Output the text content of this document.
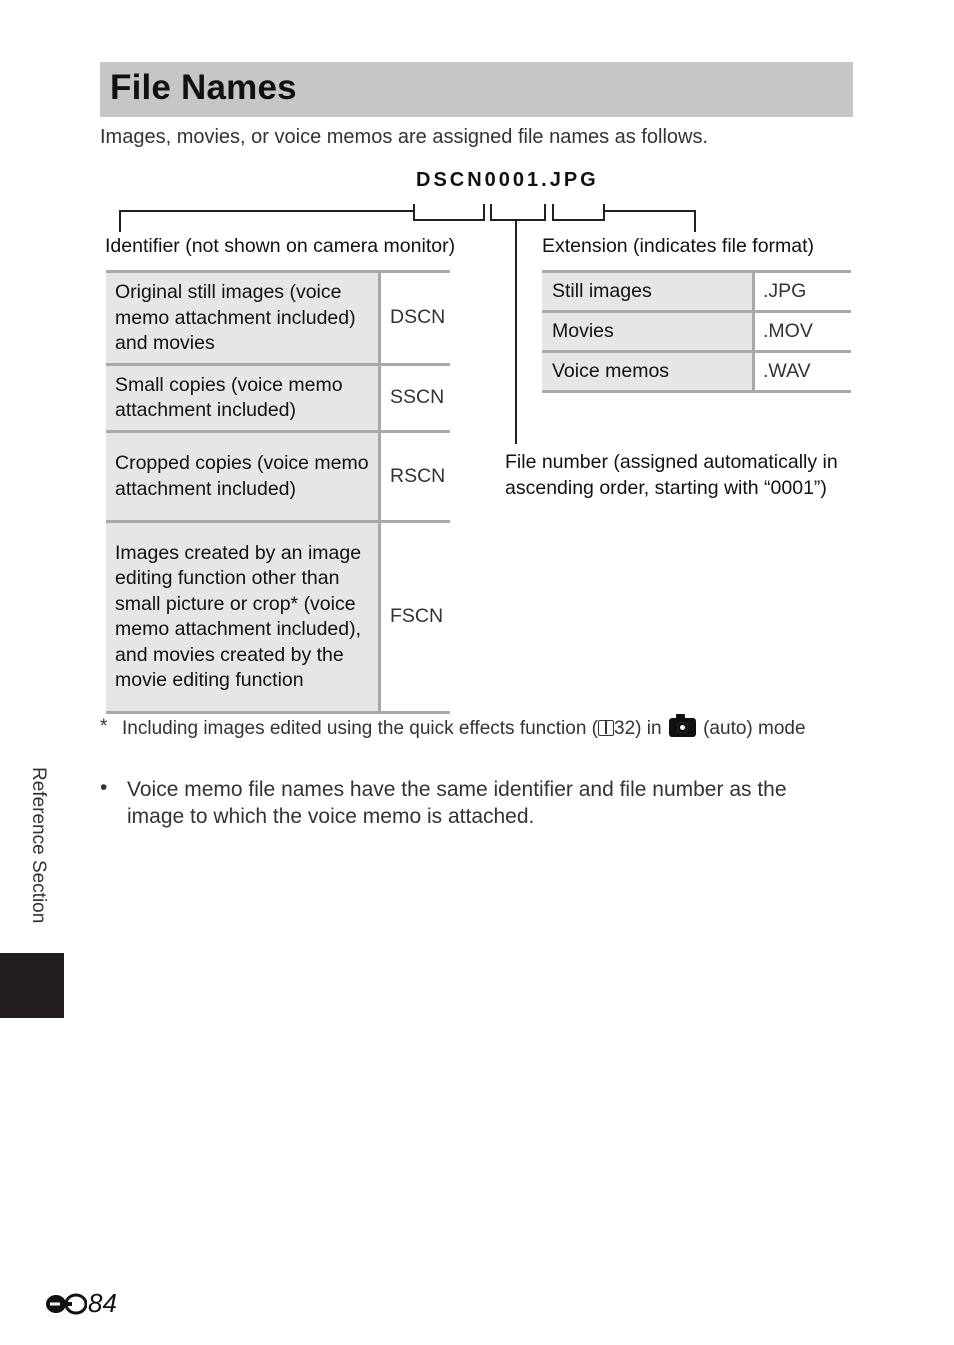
File Names
Images, movies, or voice memos are assigned file names as follows.
DSCN0001.JPG
Identifier (not shown on camera monitor)	Extension (indicates file format)
File number (assigned automatically in ascending order, starting with “0001”)
Original still images (voice memo attachment included) and movies	DSCN
Small copies (voice memo attachment included)	SSCN
Cropped copies (voice memo attachment included)	RSCN
Images created by an image editing function other than small picture or crop* (voice memo attachment included), and movies created by the movie editing function	FSCN
Still images	.JPG
Movies	.MOV
Voice memos	.WAV
* Including images edited using the quick effects function ( 32) in  (auto) mode
• Voice memo file names have the same identifier and file number as the image to which the voice memo is attached.
Reference Section
84
